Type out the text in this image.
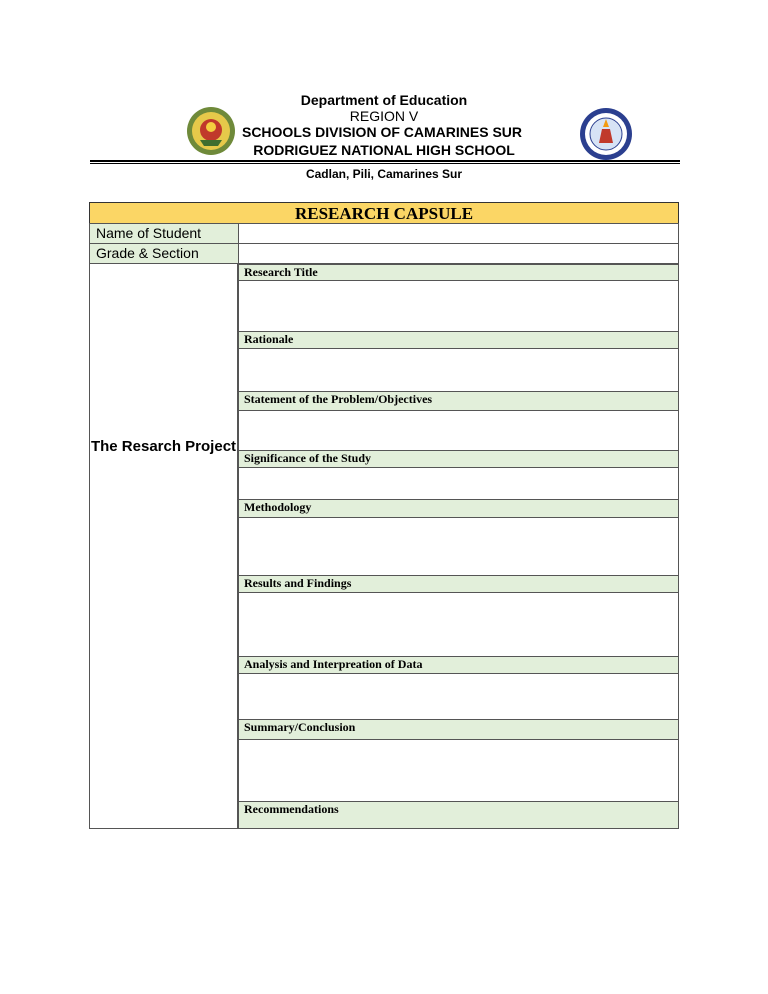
Department of Education
REGION V
SCHOOLS DIVISION OF CAMARINES SUR
RODRIGUEZ NATIONAL HIGH SCHOOL
Cadlan, Pili, Camarines Sur
RESEARCH CAPSULE
Name of Student
Grade & Section
The Resarch Project
Research Title
Rationale
Statement of the Problem/Objectives
Significance of the Study
Methodology
Results and Findings
Analysis and Interpreation of Data
Summary/Conclusion
Recommendations
